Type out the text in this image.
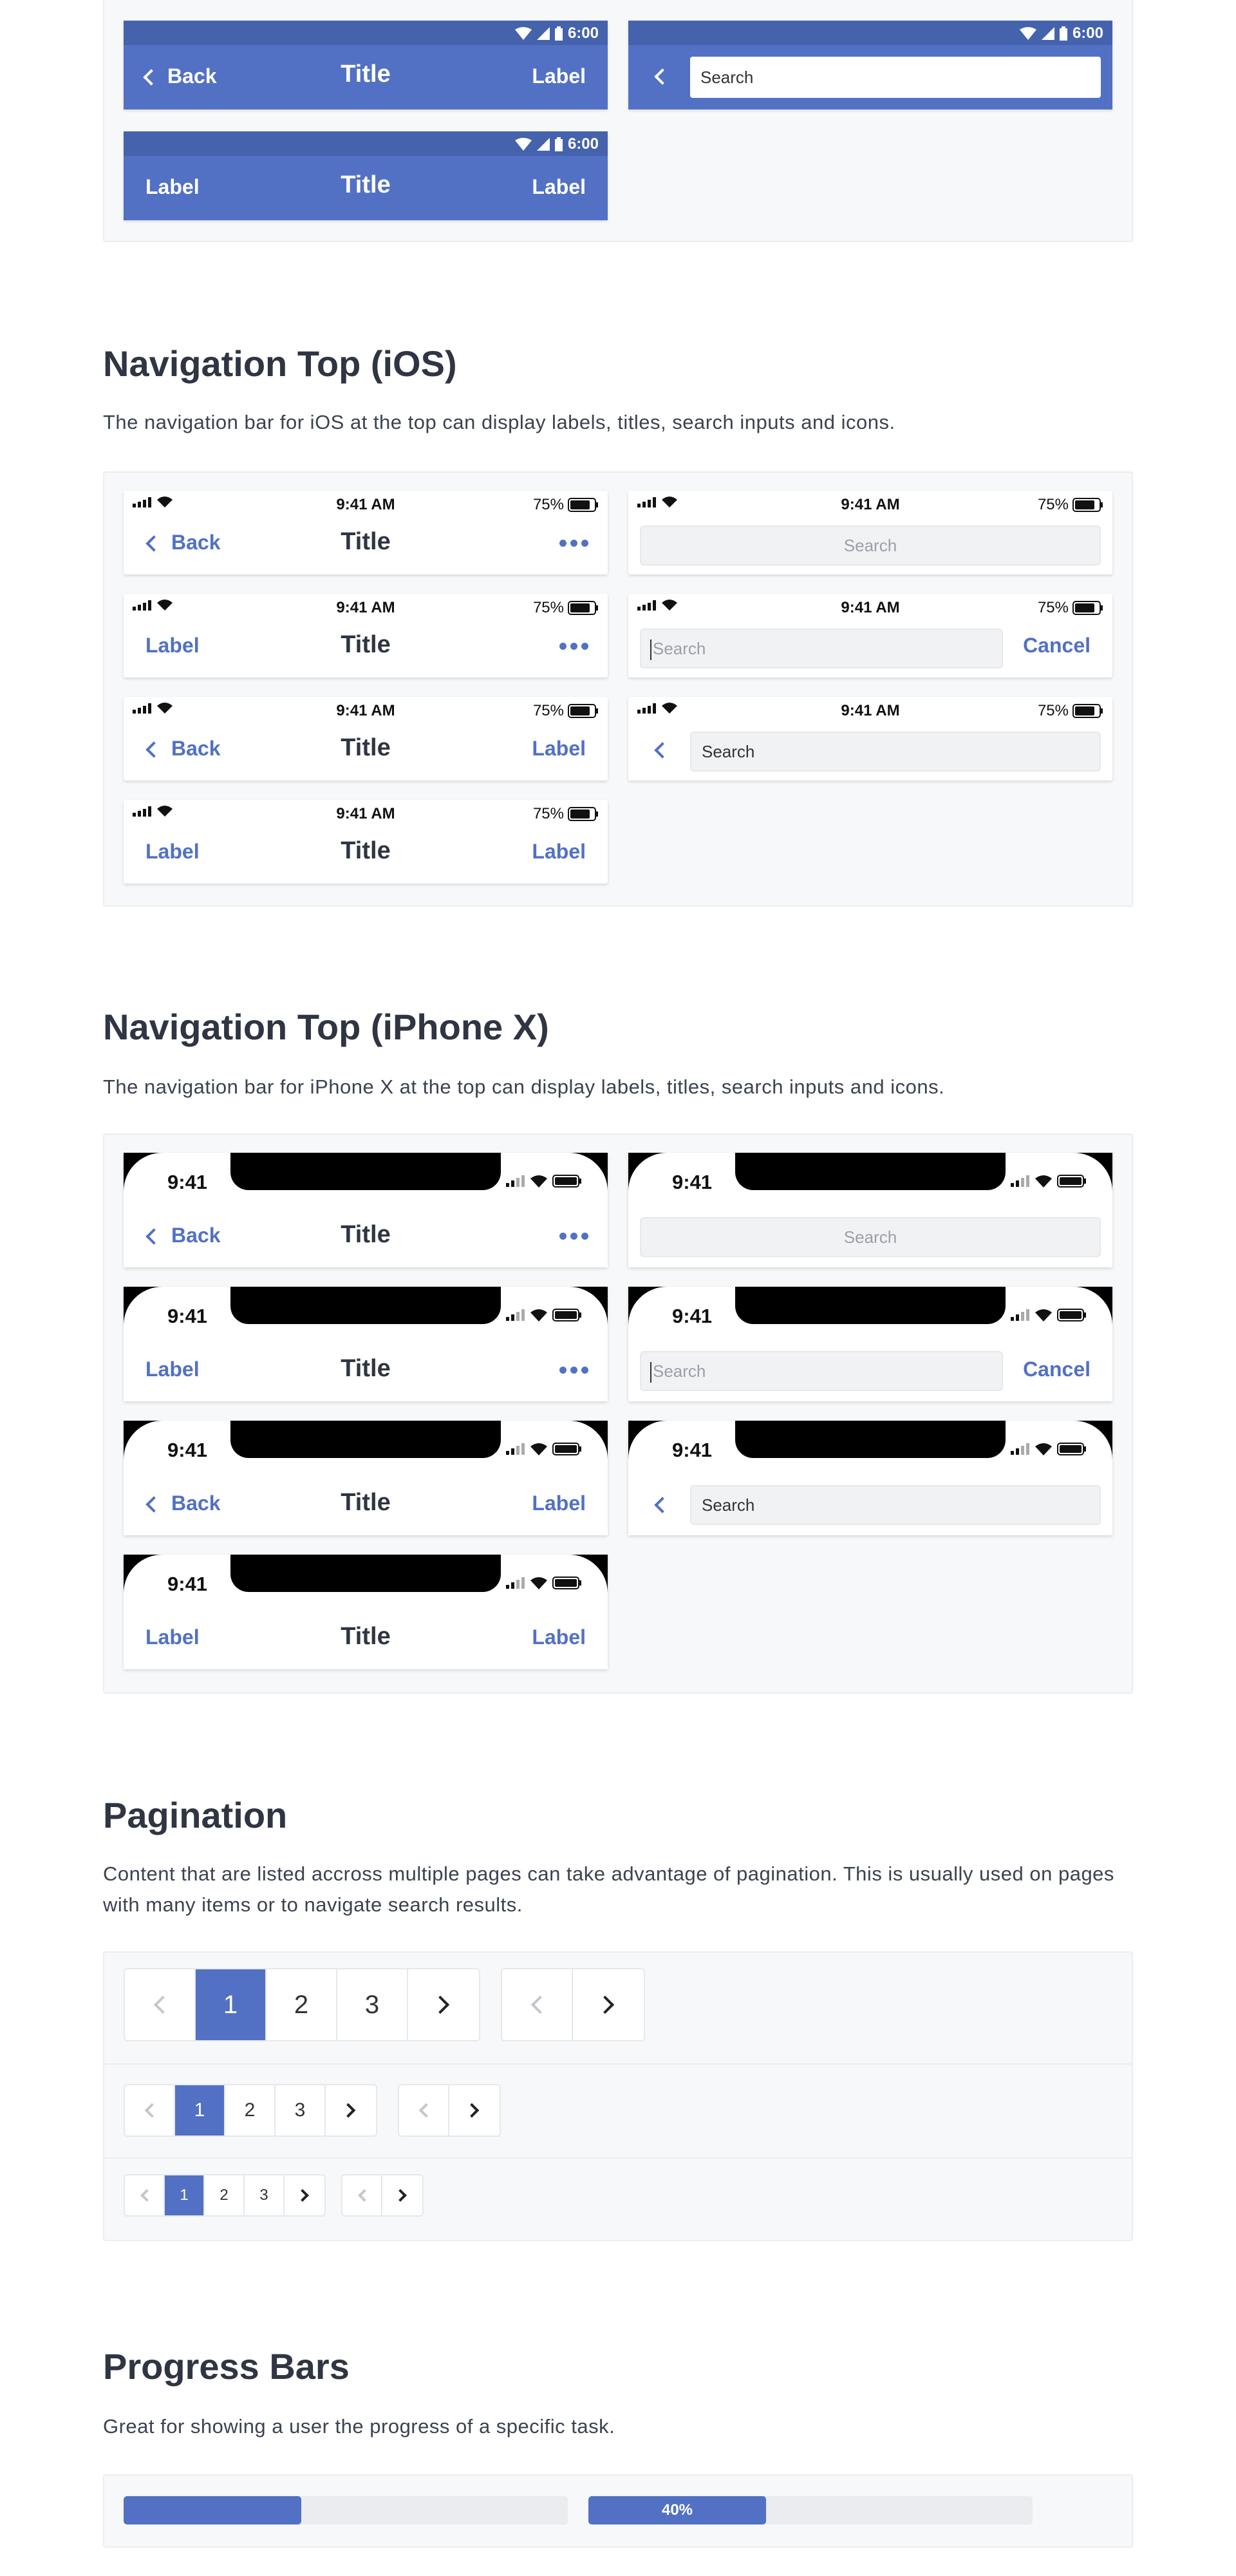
6:00
Back	Title	Label
6:00
Search
6:00
Label	Title	Label
Navigation Top (iOS)
The navigation bar for iOS at the top can display labels, titles, search inputs and icons.
9:41 AM	75%
Back	Title
9:41 AM	75%
Search
9:41 AM	75%
Label	Title
9:41 AM	75%
Search	Cancel
9:41 AM	75%
Back	Title	Label
9:41 AM	75%
Search
9:41 AM	75%
Label	Title	Label
Navigation Top (iPhone X)
The navigation bar for iPhone X at the top can display labels, titles, search inputs and icons.
9:41
Back	Title
9:41
Search
9:41
Label	Title
9:41
Search	Cancel
9:41
Back	Title	Label
9:41
Search
9:41
Label	Title	Label
Pagination
Content that are listed accross multiple pages can take advantage of pagination. This is usually used on pages with many items or to navigate search results.
1 2 3
1 2 3
1 2 3
Progress Bars
Great for showing a user the progress of a specific task.
40%
